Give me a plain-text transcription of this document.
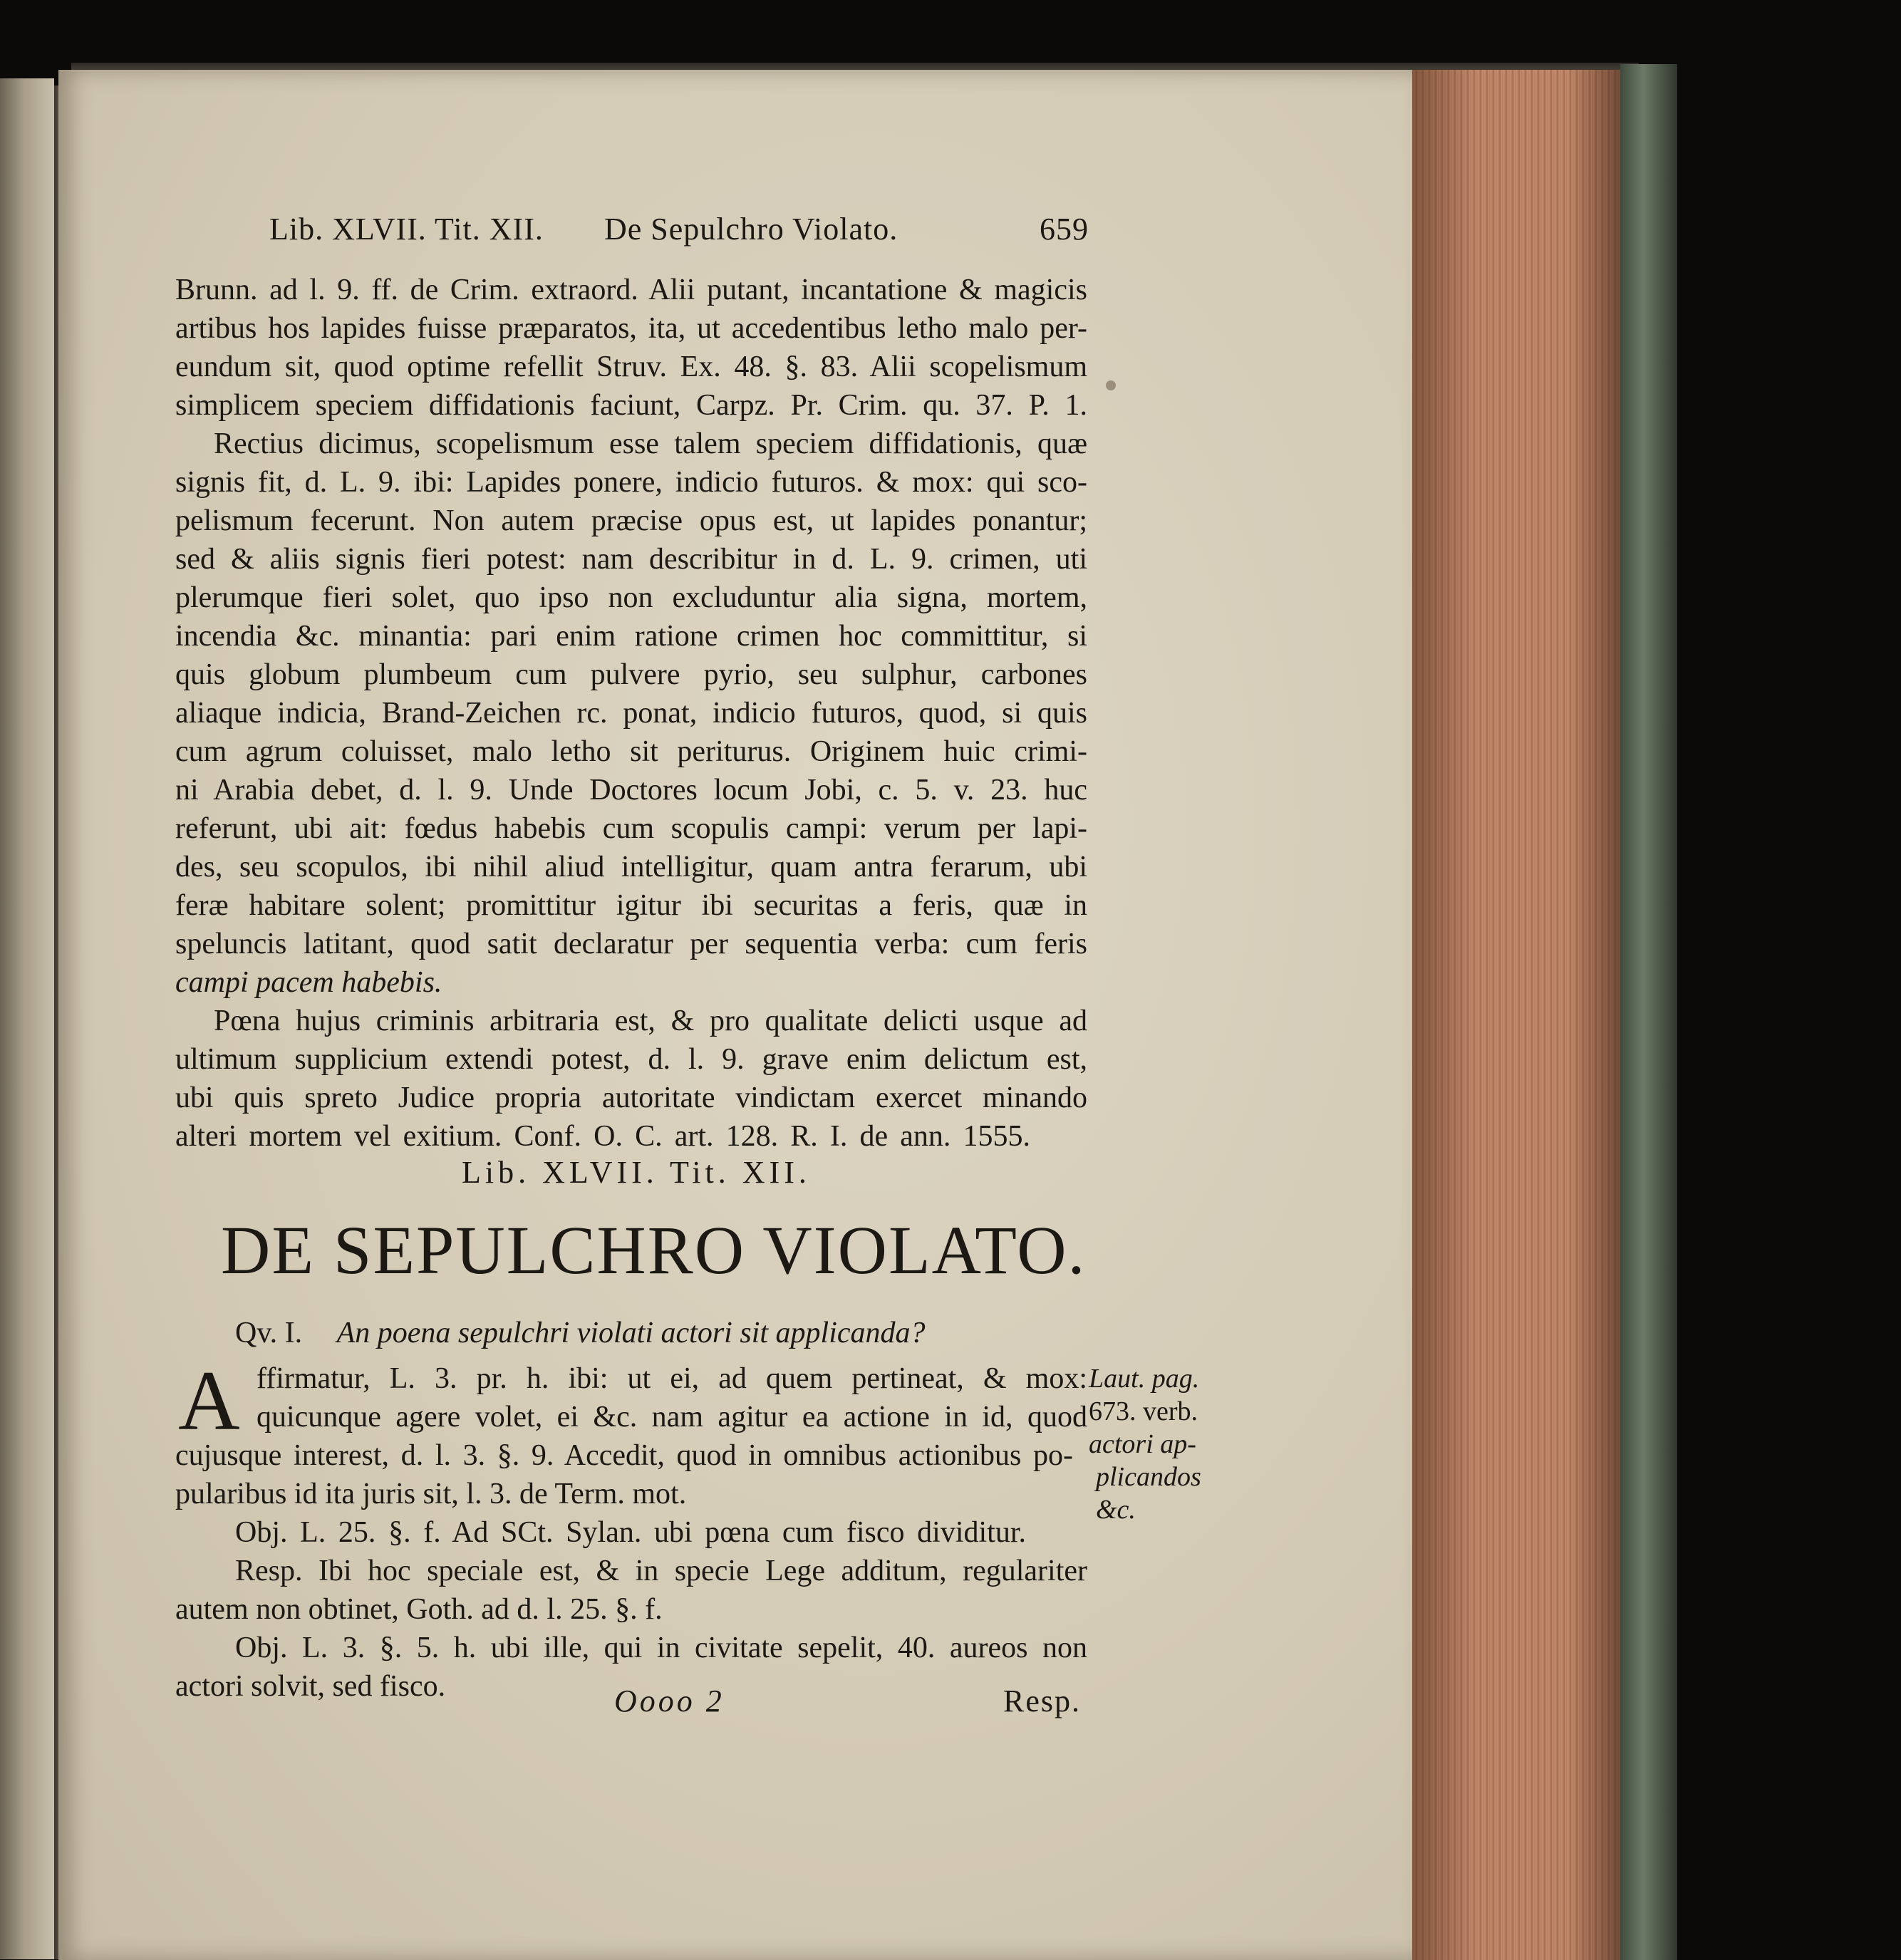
Lib. XLVII. Tit. XII. De Sepulchro Violato.	659
Brunn. ad l. 9. ff. de Crim. extraord. Alii putant, incantatione & magicis
artibus hos lapides fuisse præparatos, ita, ut accedentibus letho malo per-
eundum sit, quod optime refellit Struv. Ex. 48. §. 83. Alii scopelismum
simplicem speciem diffidationis faciunt, Carpz. Pr. Crim. qu. 37. P. 1.
Rectius dicimus, scopelismum esse talem speciem diffidationis, quæ
signis fit, d. L. 9. ibi: Lapides ponere, indicio futuros. & mox: qui sco-
pelismum fecerunt. Non autem præcise opus est, ut lapides ponantur;
sed & aliis signis fieri potest: nam describitur in d. L. 9. crimen, uti
plerumque fieri solet, quo ipso non excluduntur alia signa, mortem,
incendia &c. minantia: pari enim ratione crimen hoc committitur, si
quis globum plumbeum cum pulvere pyrio, seu sulphur, carbones
aliaque indicia, Brand-Zeichen rc. ponat, indicio futuros, quod, si quis
cum agrum coluisset, malo letho sit periturus. Originem huic crimi-
ni Arabia debet, d. l. 9. Unde Doctores locum Jobi, c. 5. v. 23. huc
referunt, ubi ait: fœdus habebis cum scopulis campi: verum per lapi-
des, seu scopulos, ibi nihil aliud intelligitur, quam antra ferarum, ubi
feræ habitare solent; promittitur igitur ibi securitas a feris, quæ in
speluncis latitant, quod satit declaratur per sequentia verba: cum feris
campi pacem habebis.
Pœna hujus criminis arbitraria est, & pro qualitate delicti usque ad
ultimum supplicium extendi potest, d. l. 9. grave enim delictum est,
ubi quis spreto Judice propria autoritate vindictam exercet minando
alteri mortem vel exitium. Conf. O. C. art. 128. R. I. de ann. 1555.
Lib. XLVII. Tit. XII.
DE SEPULCHRO VIOLATO.
Qv. I. An poena sepulchri violati actori sit applicanda?
A ffirmatur, L. 3. pr. h. ibi: ut ei, ad quem pertineat, & mox:
quicunque agere volet, ei &c. nam agitur ea actione in id, quod
cujusque interest, d. l. 3. §. 9. Accedit, quod in omnibus actionibus po-
pularibus id ita juris sit, l. 3. de Term. mot.
Obj. L. 25. §. f. Ad SCt. Sylan. ubi pœna cum fisco dividitur.
Resp. Ibi hoc speciale est, & in specie Lege additum, regulariter
autem non obtinet, Goth. ad d. l. 25. §. f.
Obj. L. 3. §. 5. h. ubi ille, qui in civitate sepelit, 40. aureos non
actori solvit, sed fisco.
Laut. pag.
673. verb.
actori ap-
plicandos
&c.
Oooo 2	Resp.
